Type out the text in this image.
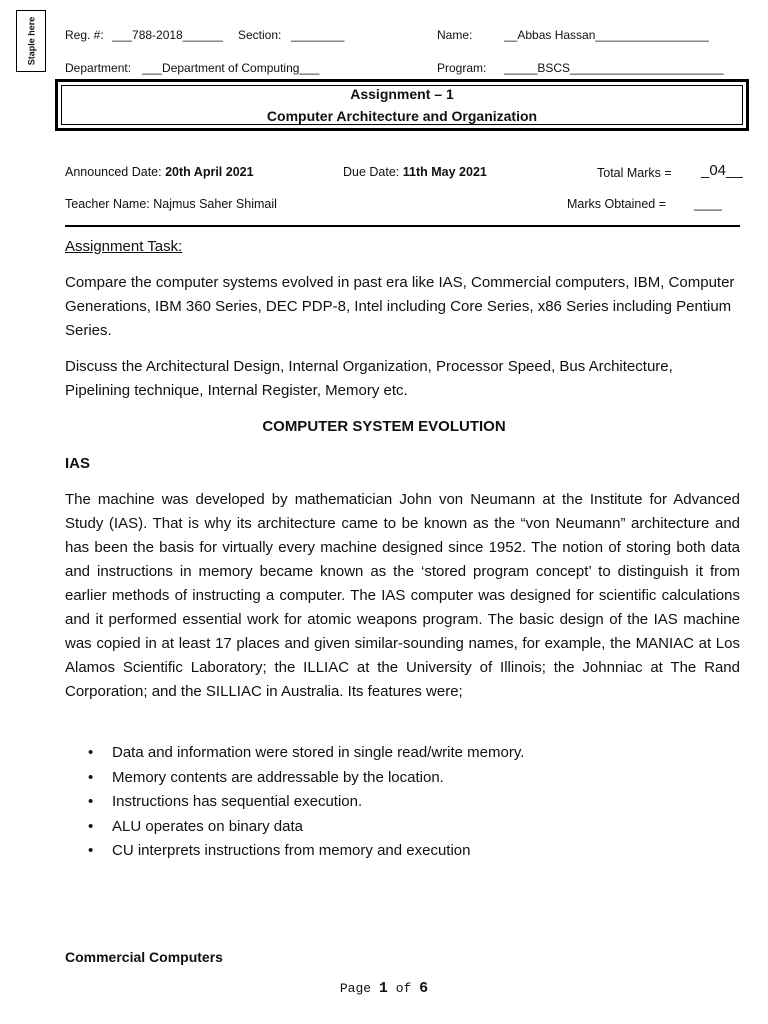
Staple here Reg. #: ___788-2018______ Section: ________	Name:	__Abbas Hassan_________________
Department: ___Department of Computing___	Program: _____BSCS_______________________
Assignment – 1
Computer Architecture and Organization
Announced Date: 20th April 2021	Due Date: 11th May 2021	Total Marks = _04__
Teacher Name: Najmus Saher Shimail	Marks Obtained = ____
Assignment Task:
Compare the computer systems evolved in past era like IAS, Commercial computers, IBM, Computer Generations, IBM 360 Series, DEC PDP-8, Intel including Core Series, x86 Series including Pentium Series.
Discuss the Architectural Design, Internal Organization, Processor Speed, Bus Architecture, Pipelining technique, Internal Register, Memory etc.
COMPUTER SYSTEM EVOLUTION
IAS
The machine was developed by mathematician John von Neumann at the Institute for Advanced Study (IAS). That is why its architecture came to be known as the “von Neumann” architecture and has been the basis for virtually every machine designed since 1952. The notion of storing both data and instructions in memory became known as the ‘stored program concept’ to distinguish it from earlier methods of instructing a computer. The IAS computer was designed for scientific calculations and it performed essential work for atomic weapons program. The basic design of the IAS machine was copied in at least 17 places and given similar-sounding names, for example, the MANIAC at Los Alamos Scientific Laboratory; the ILLIAC at the University of Illinois; the Johnniac at The Rand Corporation; and the SILLIAC in Australia. Its features were;
• Data and information were stored in single read/write memory.
• Memory contents are addressable by the location.
• Instructions has sequential execution.
• ALU operates on binary data
• CU interprets instructions from memory and execution
Commercial Computers
Page 1 of 6
